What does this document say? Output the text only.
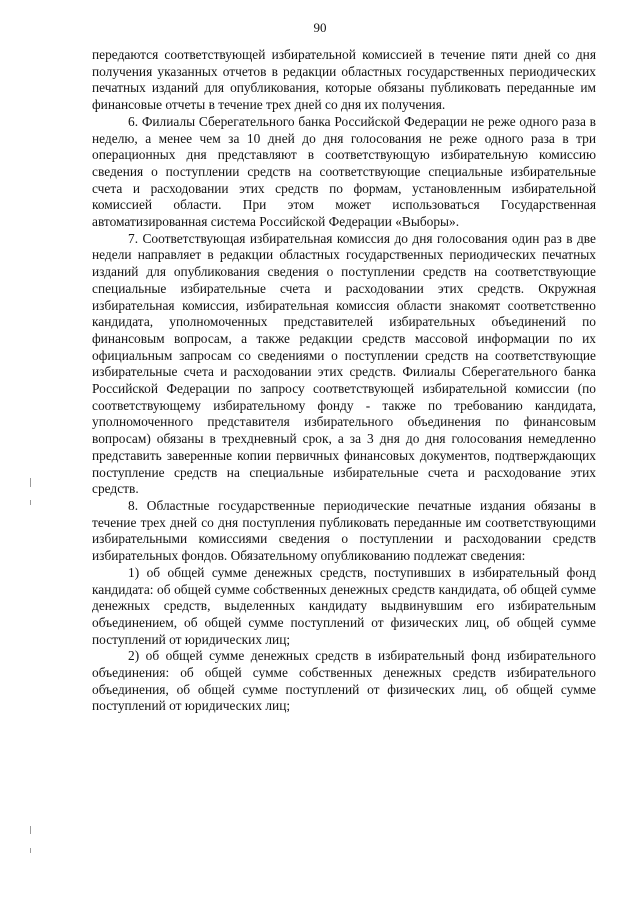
90

передаются соответствующей избирательной комиссией в течение пяти дней со дня получения указанных отчетов в редакции областных государственных периодических печатных изданий для опубликования, которые обязаны публиковать переданные им финансовые отчеты в течение трех дней со дня их получения.

6. Филиалы Сберегательного банка Российской Федерации не реже одного раза в неделю, а менее чем за 10 дней до дня голосования не реже одного раза в три операционных дня представляют в соответствующую избирательную комиссию сведения о поступлении средств на соответствующие специальные избирательные счета и расходовании этих средств по формам, установленным избирательной комиссией области. При этом может использоваться Государственная автоматизированная система Российской Федерации «Выборы».

7. Соответствующая избирательная комиссия до дня голосования один раз в две недели направляет в редакции областных государственных периодических печатных изданий для опубликования сведения о поступлении средств на соответствующие специальные избирательные счета и расходовании этих средств. Окружная избирательная комиссия, избирательная комиссия области знакомят соответственно кандидата, уполномоченных представителей избирательных объединений по финансовым вопросам, а также редакции средств массовой информации по их официальным запросам со сведениями о поступлении средств на соответствующие избирательные счета и расходовании этих средств. Филиалы Сберегательного банка Российской Федерации по запросу соответствующей избирательной комиссии (по соответствующему избирательному фонду - также по требованию кандидата, уполномоченного представителя избирательного объединения по финансовым вопросам) обязаны в трехдневный срок, а за 3 дня до дня голосования немедленно представить заверенные копии первичных финансовых документов, подтверждающих поступление средств на специальные избирательные счета и расходование этих средств.

8. Областные государственные периодические печатные издания обязаны в течение трех дней со дня поступления публиковать переданные им соответствующими избирательными комиссиями сведения о поступлении и расходовании средств избирательных фондов. Обязательному опубликованию подлежат сведения:

1) об общей сумме денежных средств, поступивших в избирательный фонд кандидата: об общей сумме собственных денежных средств кандидата, об общей сумме денежных средств, выделенных кандидату выдвинувшим его избирательным объединением, об общей сумме поступлений от физических лиц, об общей сумме поступлений от юридических лиц;

2) об общей сумме денежных средств в избирательный фонд избирательного объединения: об общей сумме собственных денежных средств избирательного объединения, об общей сумме поступлений от физических лиц, об общей сумме поступлений от юридических лиц;
